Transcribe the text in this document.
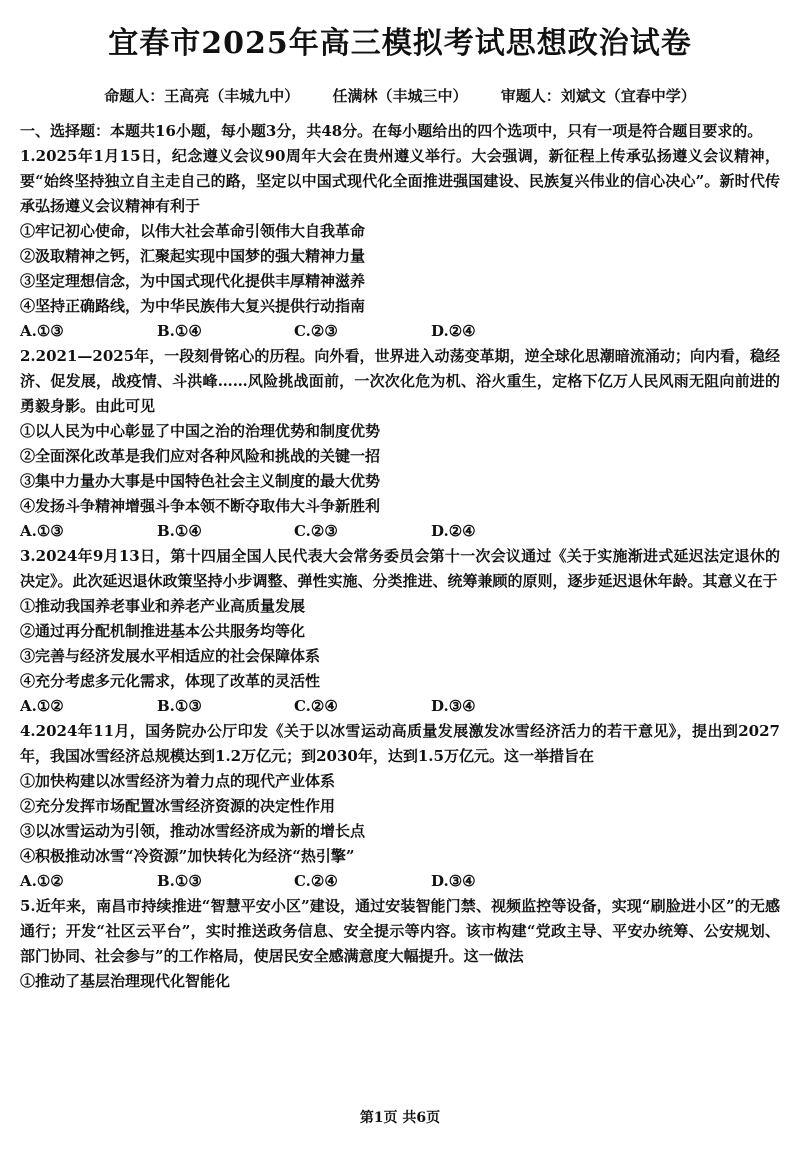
宜春市2025年高三模拟考试思想政治试卷
命题人：王高亮（丰城九中） 任满林（丰城三中） 审题人：刘斌文（宜春中学）

一、选择题：本题共16小题，每小题3分，共48分。在每小题给出的四个选项中，只有一项是符合题目要求的。

1.2025年1月15日，纪念遵义会议90周年大会在贵州遵义举行。大会强调，新征程上传承弘扬遵义会议精神，要“始终坚持独立自主走自己的路，坚定以中国式现代化全面推进强国建设、民族复兴伟业的信心决心”。新时代传承弘扬遵义会议精神有利于

①牢记初心使命，以伟大社会革命引领伟大自我革命
②汲取精神之钙，汇聚起实现中国梦的强大精神力量
③坚定理想信念，为中国式现代化提供丰厚精神滋养
④坚持正确路线，为中华民族伟大复兴提供行动指南
A.①③	B.①④	C.②③	D.②④

2.2021—2025年，一段刻骨铭心的历程。向外看，世界进入动荡变革期，逆全球化思潮暗流涌动；向内看，稳经济、促发展，战疫情、斗洪峰……风险挑战面前，一次次化危为机、浴火重生，定格下亿万人民风雨无阻向前进的勇毅身影。由此可见

①以人民为中心彰显了中国之治的治理优势和制度优势
②全面深化改革是我们应对各种风险和挑战的关键一招
③集中力量办大事是中国特色社会主义制度的最大优势
④发扬斗争精神增强斗争本领不断夺取伟大斗争新胜利
A.①③	B.①④	C.②③	D.②④

3.2024年9月13日，第十四届全国人民代表大会常务委员会第十一次会议通过《关于实施渐进式延迟法定退休的决定》。此次延迟退休政策坚持小步调整、弹性实施、分类推进、统筹兼顾的原则，逐步延迟退休年龄。其意义在于

①推动我国养老事业和养老产业高质量发展
②通过再分配机制推进基本公共服务均等化
③完善与经济发展水平相适应的社会保障体系
④充分考虑多元化需求，体现了改革的灵活性
A.①②	B.①③	C.②④	D.③④

4.2024年11月，国务院办公厅印发《关于以冰雪运动高质量发展激发冰雪经济活力的若干意见》，提出到2027年，我国冰雪经济总规模达到1.2万亿元；到2030年，达到1.5万亿元。这一举措旨在

①加快构建以冰雪经济为着力点的现代产业体系
②充分发挥市场配置冰雪经济资源的决定性作用
③以冰雪运动为引领，推动冰雪经济成为新的增长点
④积极推动冰雪“冷资源”加快转化为经济“热引擎”
A.①②	B.①③	C.②④	D.③④

5.近年来，南昌市持续推进“智慧平安小区”建设，通过安装智能门禁、视频监控等设备，实现“刷脸进小区”的无感通行；开发“社区云平台”，实时推送政务信息、安全提示等内容。该市构建“党政主导、平安办统筹、公安规划、部门协同、社会参与”的工作格局，使居民安全感满意度大幅提升。这一做法

①推动了基层治理现代化智能化
第1页 共6页
